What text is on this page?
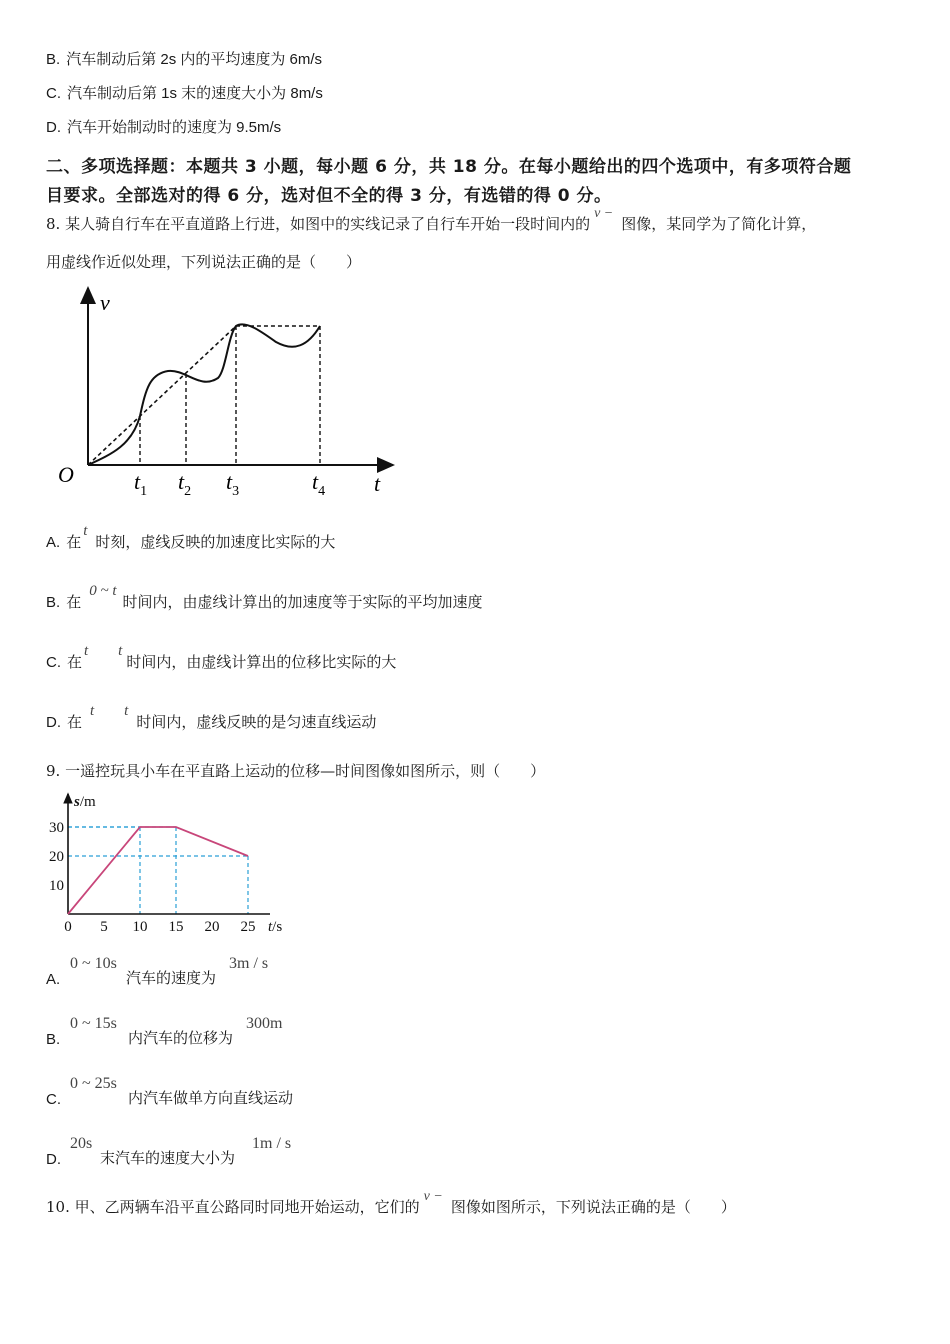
B. 汽车制动后第 2s 内的平均速度为 6m/s
C. 汽车制动后第 1s 末的速度大小为 8m/s
D. 汽车开始制动时的速度为 9.5m/s
二、多项选择题：本题共 3 小题，每小题 6 分，共 18 分。在每小题给出的四个选项中，有多项符合题
目要求。全部选对的得 6 分，选对但不全的得 3 分，有选错的得 0 分。
8. 某人骑自行车在平直道路上行进，如图中的实线记录了自行车开始一段时间内的v −图像，某同学为了简化计算，
用虚线作近似处理，下列说法正确的是（　　）
v
O	t
$t_1$ $t_2$ $t_3$	$t_4$
A. 在t时刻，虚线反映的加速度比实际的大
B. 在0 ~ t时间内，由虚线计算出的加速度等于实际的平均加速度
C. 在t　　t时间内，由虚线计算出的位移比实际的大
D. 在t　　t时间内，虚线反映的是匀速直线运动
9. 一遥控玩具小车在平直路上运动的位移—时间图像如图所示，则（　　）
0 5 10 15 20 25
10
20
30
s/m
t/s
A.
0 ~ 10s
汽车的速度为
3m / s
B.
0 ~ 15s
内汽车的位移为
300m
C.
0 ~ 25s
内汽车做单方向直线运动
D.
20s
末汽车的速度大小为
1m / s
10. 甲、乙两辆车沿平直公路同时同地开始运动，它们的v −图像如图所示，下列说法正确的是（　　）
